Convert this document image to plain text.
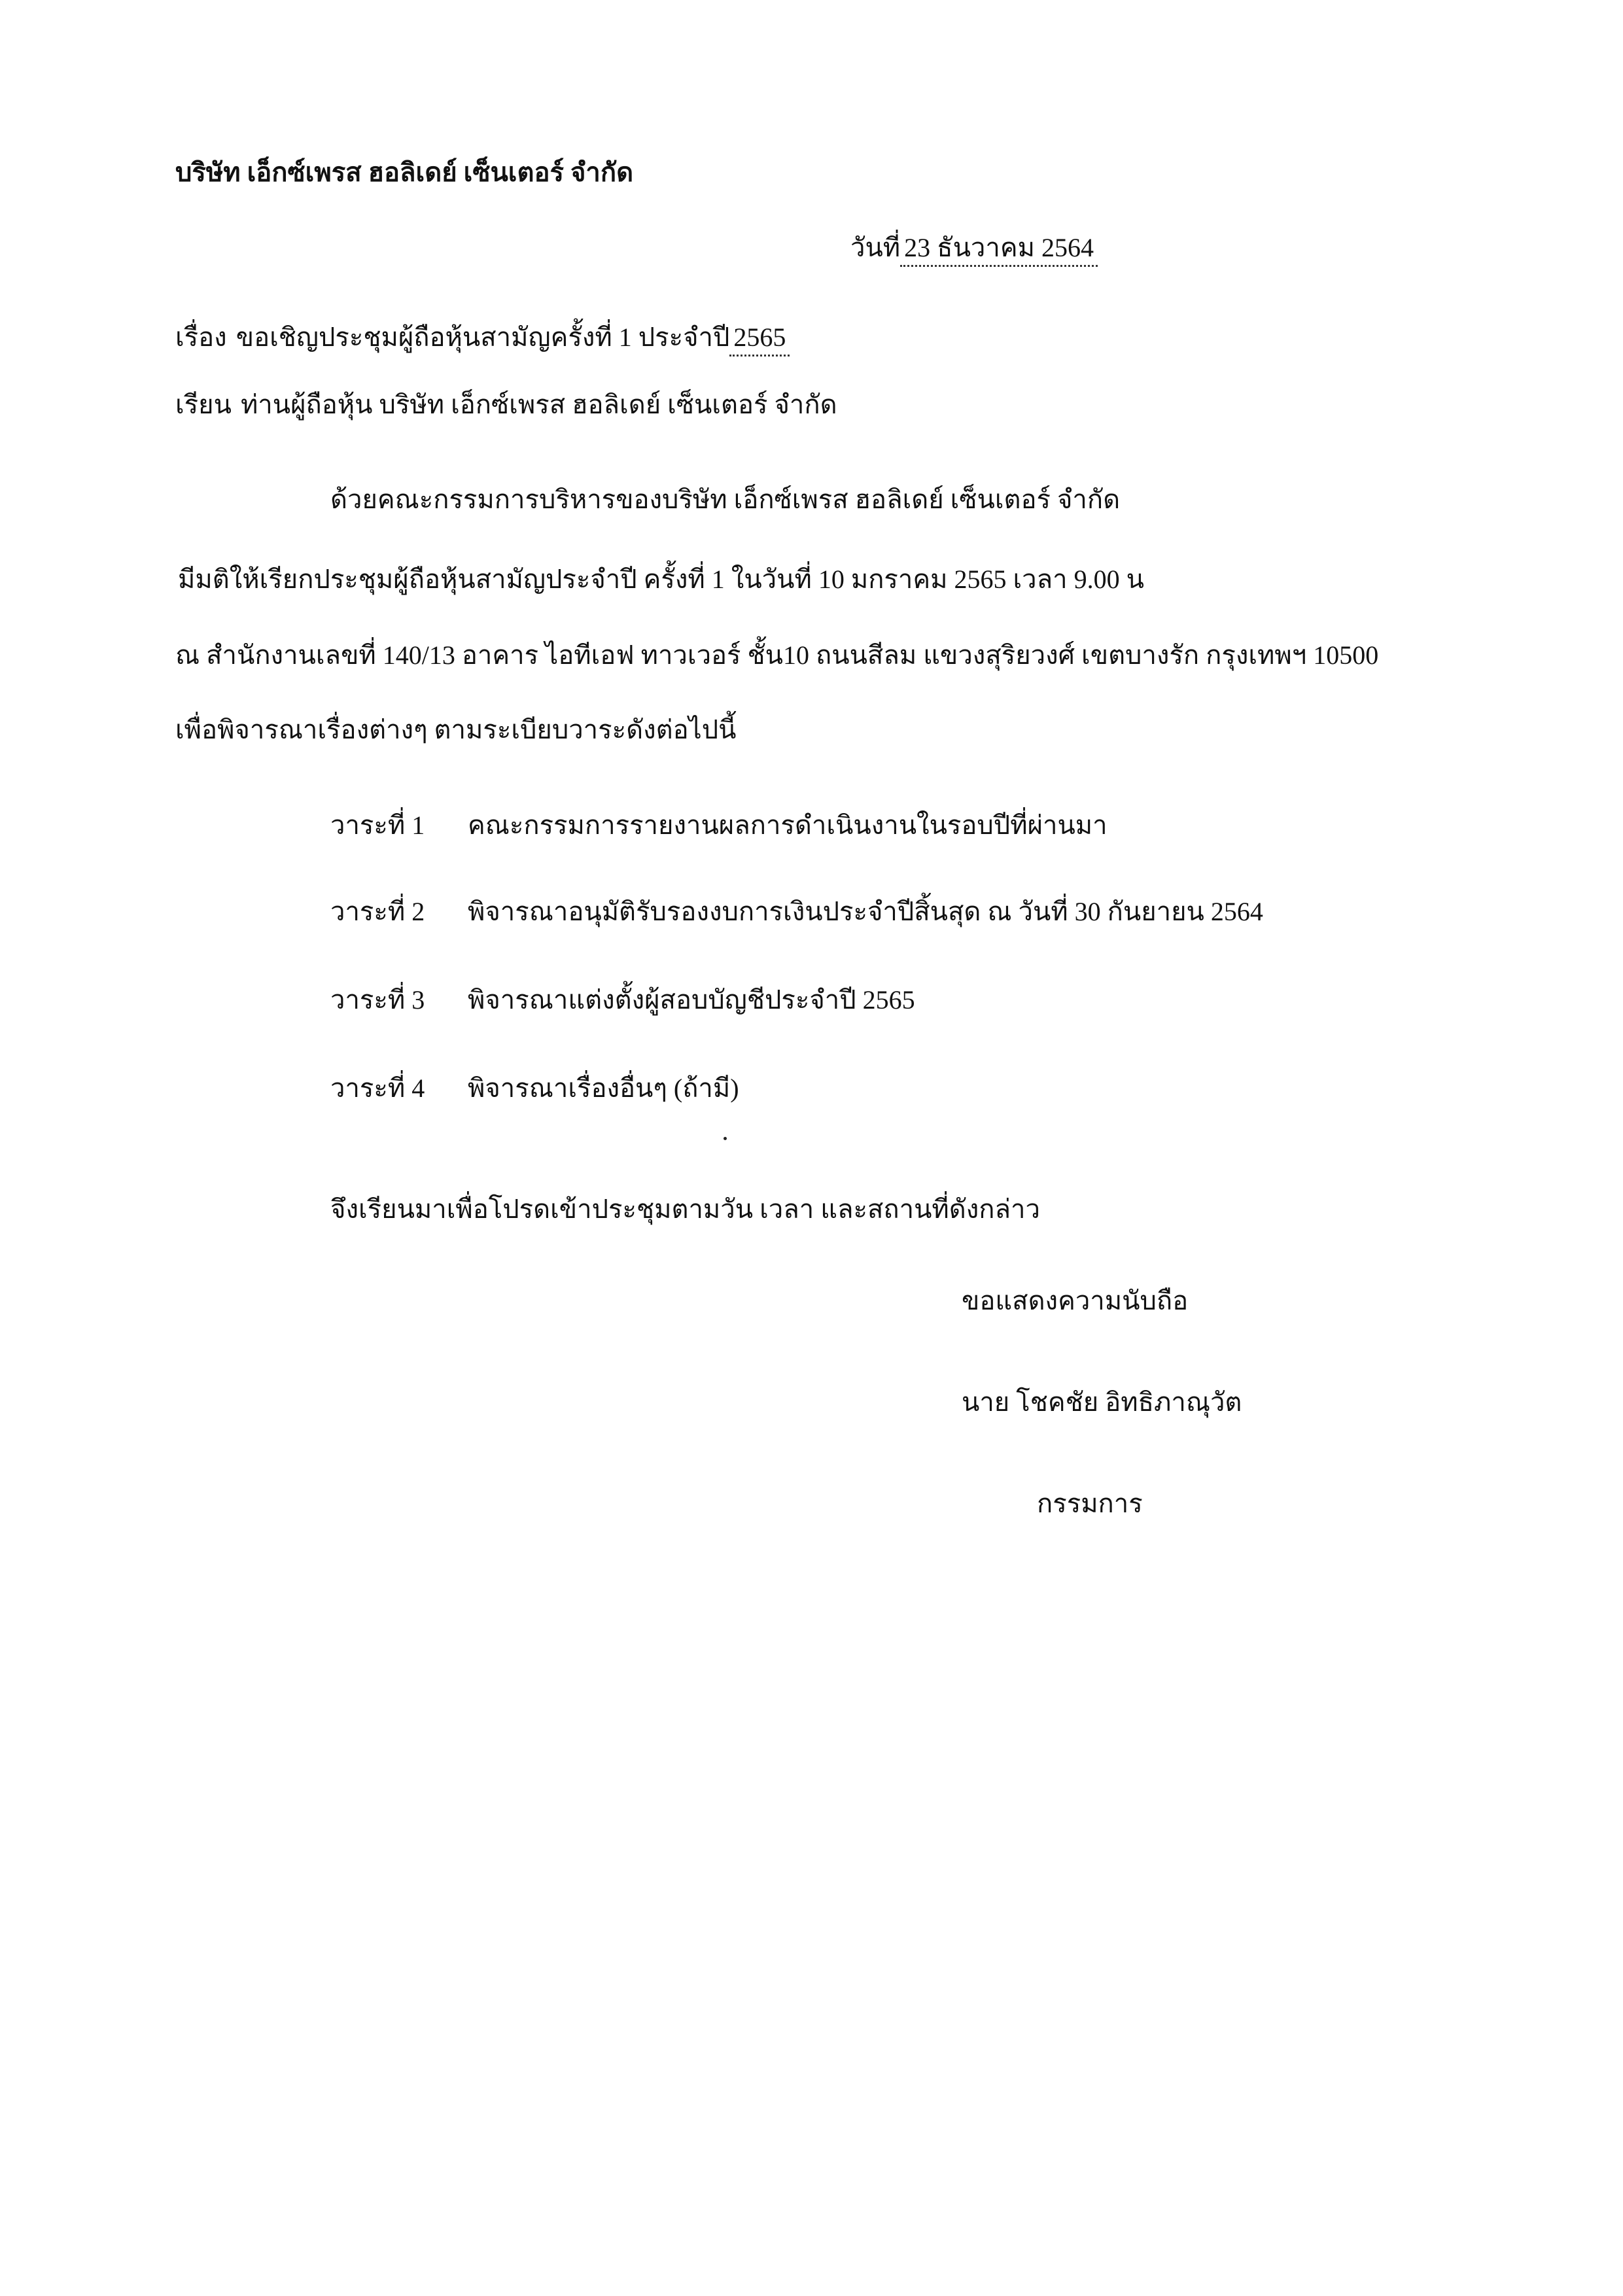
บริษัท เอ็กซ์เพรส ฮอลิเดย์ เซ็นเตอร์ จำกัด
วันที่ 23 ธันวาคม 2564
เรื่อง ขอเชิญประชุมผู้ถือหุ้นสามัญครั้งที่ 1 ประจำปี 2565
เรียน ท่านผู้ถือหุ้น บริษัท เอ็กซ์เพรส ฮอลิเดย์ เซ็นเตอร์ จำกัด
ด้วยคณะกรรมการบริหารของบริษัท เอ็กซ์เพรส ฮอลิเดย์ เซ็นเตอร์ จำกัด
มีมติให้เรียกประชุมผู้ถือหุ้นสามัญประจำปี ครั้งที่ 1 ในวันที่ 10 มกราคม 2565 เวลา 9.00 น
ณ สำนักงานเลขที่ 140/13 อาคาร ไอทีเอฟ ทาวเวอร์ ชั้น10 ถนนสีลม แขวงสุริยวงศ์ เขตบางรัก กรุงเทพฯ 10500
เพื่อพิจารณาเรื่องต่างๆ ตามระเบียบวาระดังต่อไปนี้
วาระที่ 1 คณะกรรมการรายงานผลการดำเนินงานในรอบปีที่ผ่านมา
วาระที่ 2 พิจารณาอนุมัติรับรองงบการเงินประจำปีสิ้นสุด ณ วันที่ 30 กันยายน 2564
วาระที่ 3 พิจารณาแต่งตั้งผู้สอบบัญชีประจำปี 2565
วาระที่ 4 พิจารณาเรื่องอื่นๆ (ถ้ามี)
จึงเรียนมาเพื่อโปรดเข้าประชุมตามวัน เวลา และสถานที่ดังกล่าว
ขอแสดงความนับถือ
นาย โชคชัย อิทธิภาณุวัต
กรรมการ
